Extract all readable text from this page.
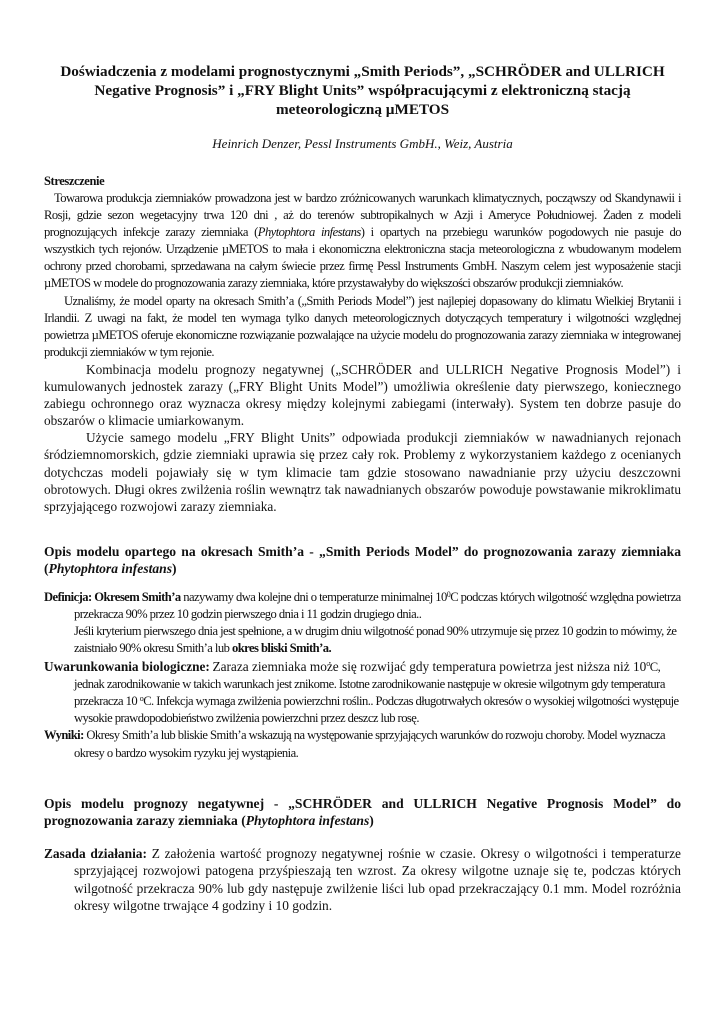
Doświadczenia z modelami prognostycznymi „Smith Periods”, „SCHRÖDER and ULLRICH Negative Prognosis” i „FRY Blight Units” współpracującymi z elektroniczną stacją meteorologiczną µMETOS
Heinrich Denzer, Pessl Instruments GmbH., Weiz, Austria
Streszczenie

Towarowa produkcja ziemniaków prowadzona jest w bardzo zróżnicowanych warunkach klimatycznych, począwszy od Skandynawii i Rosji, gdzie sezon wegetacyjny trwa 120 dni , aż do terenów subtropikalnych w Azji i Ameryce Południowej. Żaden z modeli prognozujących infekcje zarazy ziemniaka (Phytophtora infestans) i opartych na przebiegu warunków pogodowych nie pasuje do wszystkich tych rejonów. Urządzenie µMETOS to mała i ekonomiczna elektroniczna stacja meteorologiczna z wbudowanym modelem ochrony przed chorobami, sprzedawana na całym świecie przez firmę Pessl Instruments GmbH. Naszym celem jest wyposażenie stacji µMETOS w modele do prognozowania zarazy ziemniaka, które przystawałyby do większości obszarów produkcji ziemniaków.

Uznaliśmy, że model oparty na okresach Smith’a („Smith Periods Model”) jest najlepiej dopasowany do klimatu Wielkiej Brytanii i Irlandii. Z uwagi na fakt, że model ten wymaga tylko danych meteorologicznych dotyczących temperatury i wilgotności względnej powietrza µMETOS oferuje ekonomiczne rozwiązanie pozwalające na użycie modelu do prognozowania zarazy ziemniaka w integrowanej produkcji ziemniaków w tym rejonie.

Kombinacja modelu prognozy negatywnej („SCHRÖDER and ULLRICH Negative Prognosis Model”) i kumulowanych jednostek zarazy („FRY Blight Units Model”) umożliwia określenie daty pierwszego, koniecznego zabiegu ochronnego oraz wyznacza okresy między kolejnymi zabiegami (interwały). System ten dobrze pasuje do obszarów o klimacie umiarkowanym.

Użycie samego modelu „FRY Blight Units” odpowiada produkcji ziemniaków w nawadnianych rejonach śródziemnomorskich, gdzie ziemniaki uprawia się przez cały rok. Problemy z wykorzystaniem każdego z ocenianych dotychczas modeli pojawiały się w tym klimacie tam gdzie stosowano nawadnianie przy użyciu deszczowni obrotowych. Długi okres zwilżenia roślin wewnątrz tak nawadnianych obszarów powoduje powstawanie mikroklimatu sprzyjającego rozwojowi zarazy ziemniaka.

Opis modelu opartego na okresach Smith’a - „Smith Periods Model” do prognozowania zarazy ziemniaka (Phytophtora infestans)

Definicja: Okresem Smith’a nazywamy dwa kolejne dni o temperaturze minimalnej $10^0C$ podczas których wilgotność względna powietrza przekracza 90% przez 10 godzin pierwszego dnia i 11 godzin drugiego dnia..
Jeśli kryterium pierwszego dnia jest spełnione, a w drugim dniu wilgotność ponad 90% utrzymuje się przez 10 godzin to mówimy, że zaistniało 90% okresu Smith’a lub okres bliski Smith’a.

Uwarunkowania biologiczne: Zaraza ziemniaka może się rozwijać gdy temperatura powietrza jest niższa niż 10$^o$C, jednak zarodnikowanie w takich warunkach jest znikome. Istotne zarodnikowanie następuje w okresie wilgotnym gdy temperatura przekracza 10 $^o$C. Infekcja wymaga zwilżenia powierzchni roślin.. Podczas długotrwałych okresów o wysokiej wilgotności występuje wysokie prawdopodobieństwo zwilżenia powierzchni przez deszcz lub rosę.

Wyniki: Okresy Smith’a lub bliskie Smith’a wskazują na występowanie sprzyjających warunków do rozwoju choroby. Model wyznacza okresy o bardzo wysokim ryzyku jej wystąpienia.

Opis modelu prognozy negatywnej - „SCHRÖDER and ULLRICH Negative Prognosis Model” do prognozowania zarazy ziemniaka (Phytophtora infestans)

Zasada działania: Z założenia wartość prognozy negatywnej rośnie w czasie. Okresy o wilgotności i temperaturze sprzyjającej rozwojowi patogena przyśpieszają ten wzrost. Za okresy wilgotne uznaje się te, podczas których wilgotność przekracza 90% lub gdy następuje zwilżenie liści lub opad przekraczający 0.1 mm. Model rozróżnia okresy wilgotne trwające 4 godziny i 10 godzin.
